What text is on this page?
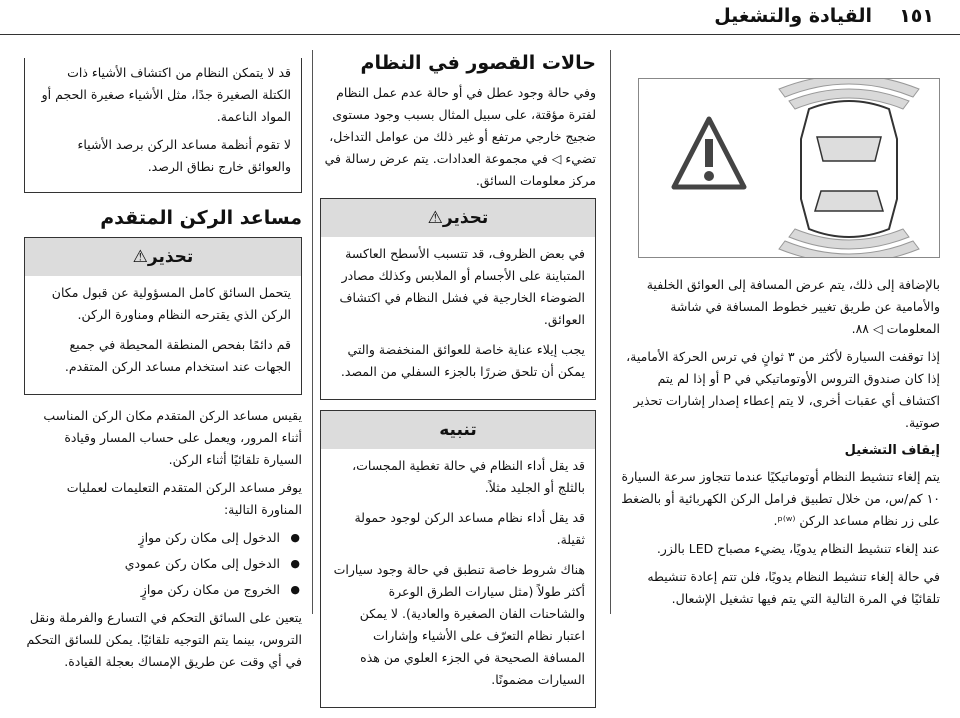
١٥١
القيادة والتشغيل

بالإضافة إلى ذلك، يتم عرض المسافة إلى العوائق الخلفية والأمامية عن طريق تغيير خطوط المسافة في شاشة المعلومات ◁ ٨٨.

إذا توقفت السيارة لأكثر من ٣ ثوانٍ في ترس الحركة الأمامية، إذا كان صندوق التروس الأوتوماتيكي في P أو إذا لم يتم اكتشاف أي عقبات أخرى، لا يتم إعطاء إصدار إشارات تحذير صوتية.

إيقاف التشغيل

يتم إلغاء تنشيط النظام أوتوماتيكيًا عندما تتجاوز سرعة السيارة ١٠ كم/س، من خلال تطبيق فرامل الركن الكهربائية أو بالضغط على زر نظام مساعد الركن ᵖ⁽ʷ⁾.

عند إلغاء تنشيط النظام يدويًا، يضيء مصباح LED بالزر.

في حالة إلغاء تنشيط النظام يدويًا، فلن تتم إعادة تنشيطه تلقائيًا في المرة التالية التي يتم فيها تشغيل الإشعال.

حالات القصور في النظام

وفي حالة وجود عطل في أو حالة عدم عمل النظام لفترة مؤقتة، على سبيل المثال بسبب وجود مستوى ضجيج خارجي مرتفع أو غير ذلك من عوامل التداخل، تضيء ◁ في مجموعة العدادات. يتم عرض رسالة في مركز معلومات السائق.

تحذير⚠

في بعض الظروف، قد تتسبب الأسطح العاكسة المتباينة على الأجسام أو الملابس وكذلك مصادر الضوضاء الخارجية في فشل النظام في اكتشاف العوائق.

يجب إيلاء عناية خاصة للعوائق المنخفضة والتي يمكن أن تلحق ضررًا بالجزء السفلي من المصد.

تنبيه

قد يقل أداء النظام في حالة تغطية المجسات، بالثلج أو الجليد مثلاً.

قد يقل أداء نظام مساعد الركن لوجود حمولة ثقيلة.

هناك شروط خاصة تنطبق في حالة وجود سيارات أكثر طولاً (مثل سيارات الطرق الوعرة والشاحنات الفان الصغيرة والعادية). لا يمكن اعتبار نظام التعرّف على الأشياء وإشارات المسافة الصحيحة في الجزء العلوي من هذه السيارات مضمونًا.

قد لا يتمكن النظام من اكتشاف الأشياء ذات الكتلة الصغيرة جدًا، مثل الأشياء صغيرة الحجم أو المواد الناعمة.

لا تقوم أنظمة مساعد الركن برصد الأشياء والعوائق خارج نطاق الرصد.

مساعد الركن المتقدم
تحذير⚠

يتحمل السائق كامل المسؤولية عن قبول مكان الركن الذي يقترحه النظام ومناورة الركن.

قم دائمًا بفحص المنطقة المحيطة في جميع الجهات عند استخدام مساعد الركن المتقدم.

يقيس مساعد الركن المتقدم مكان الركن المناسب أثناء المرور، ويعمل على حساب المسار وقيادة السيارة تلقائيًا أثناء الركن.

يوفر مساعد الركن المتقدم التعليمات لعمليات المناورة التالية:

● الدخول إلى مكان ركن موازٍ
● الدخول إلى مكان ركن عمودي
● الخروج من مكان ركن موازٍ

يتعين على السائق التحكم في التسارع والفرملة ونقل التروس، بينما يتم التوجيه تلقائيًا. يمكن للسائق التحكم في أي وقت عن طريق الإمساك بعجلة القيادة.
